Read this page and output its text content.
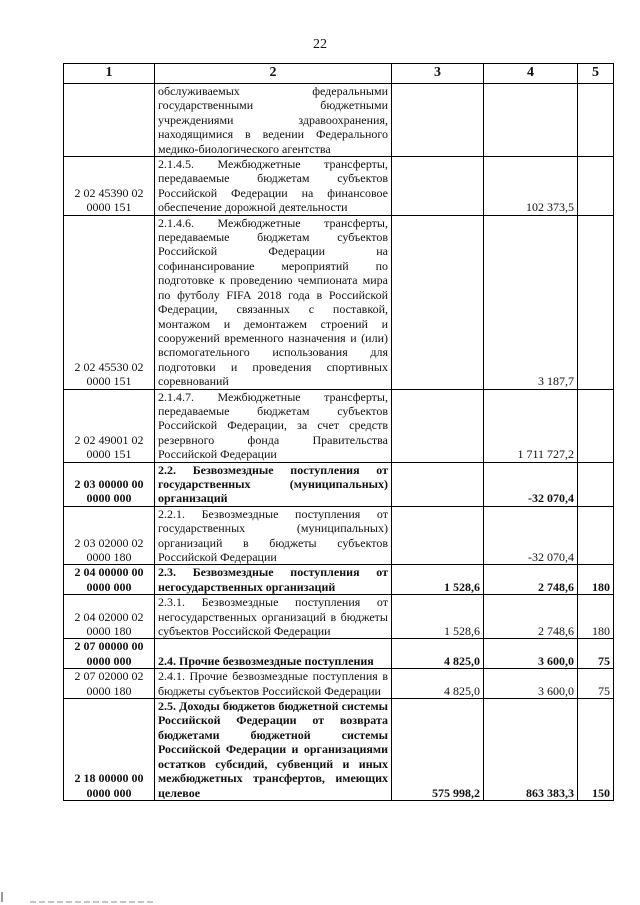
22
1	2	3	4	5
	обслуживаемых федеральными государственными бюджетными учреждениями здравоохранения, находящимися в ведении Федерального медико-биологического агентства			
2 02 45390 02 0000 151	2.1.4.5. Межбюджетные трансферты, передаваемые бюджетам субъектов Российской Федерации на финансовое обеспечение дорожной деятельности		102 373,5	
2 02 45530 02 0000 151	2.1.4.6. Межбюджетные трансферты, передаваемые бюджетам субъектов Российской Федерации на софинансирование мероприятий по подготовке к проведению чемпионата мира по футболу FIFA 2018 года в Российской Федерации, связанных с поставкой, монтажом и демонтажем строений и сооружений временного назначения и (или) вспомогательного использования для подготовки и проведения спортивных соревнований		3 187,7	
2 02 49001 02 0000 151	2.1.4.7. Межбюджетные трансферты, передаваемые бюджетам субъектов Российской Федерации, за счет средств резервного фонда Правительства Российской Федерации		1 711 727,2	
2 03 00000 00 0000 000	2.2. Безвозмездные поступления от государственных (муниципальных) организаций		-32 070,4	
2 03 02000 02 0000 180	2.2.1. Безвозмездные поступления от государственных (муниципальных) организаций в бюджеты субъектов Российской Федерации		-32 070,4	
2 04 00000 00 0000 000	2.3. Безвозмездные поступления от негосударственных организаций	1 528,6	2 748,6	180
2 04 02000 02 0000 180	2.3.1. Безвозмездные поступления от негосударственных организаций в бюджеты субъектов Российской Федерации	1 528,6	2 748,6	180
2 07 00000 00 0000 000	2.4. Прочие безвозмездные поступления	4 825,0	3 600,0	75
2 07 02000 02 0000 180	2.4.1. Прочие безвозмездные поступления в бюджеты субъектов Российской Федерации	4 825,0	3 600,0	75
2 18 00000 00 0000 000	2.5. Доходы бюджетов бюджетной системы Российской Федерации от возврата бюджетами бюджетной системы Российской Федерации и организациями остатков субсидий, субвенций и иных межбюджетных трансфертов, имеющих целевое	575 998,2	863 383,3	150
